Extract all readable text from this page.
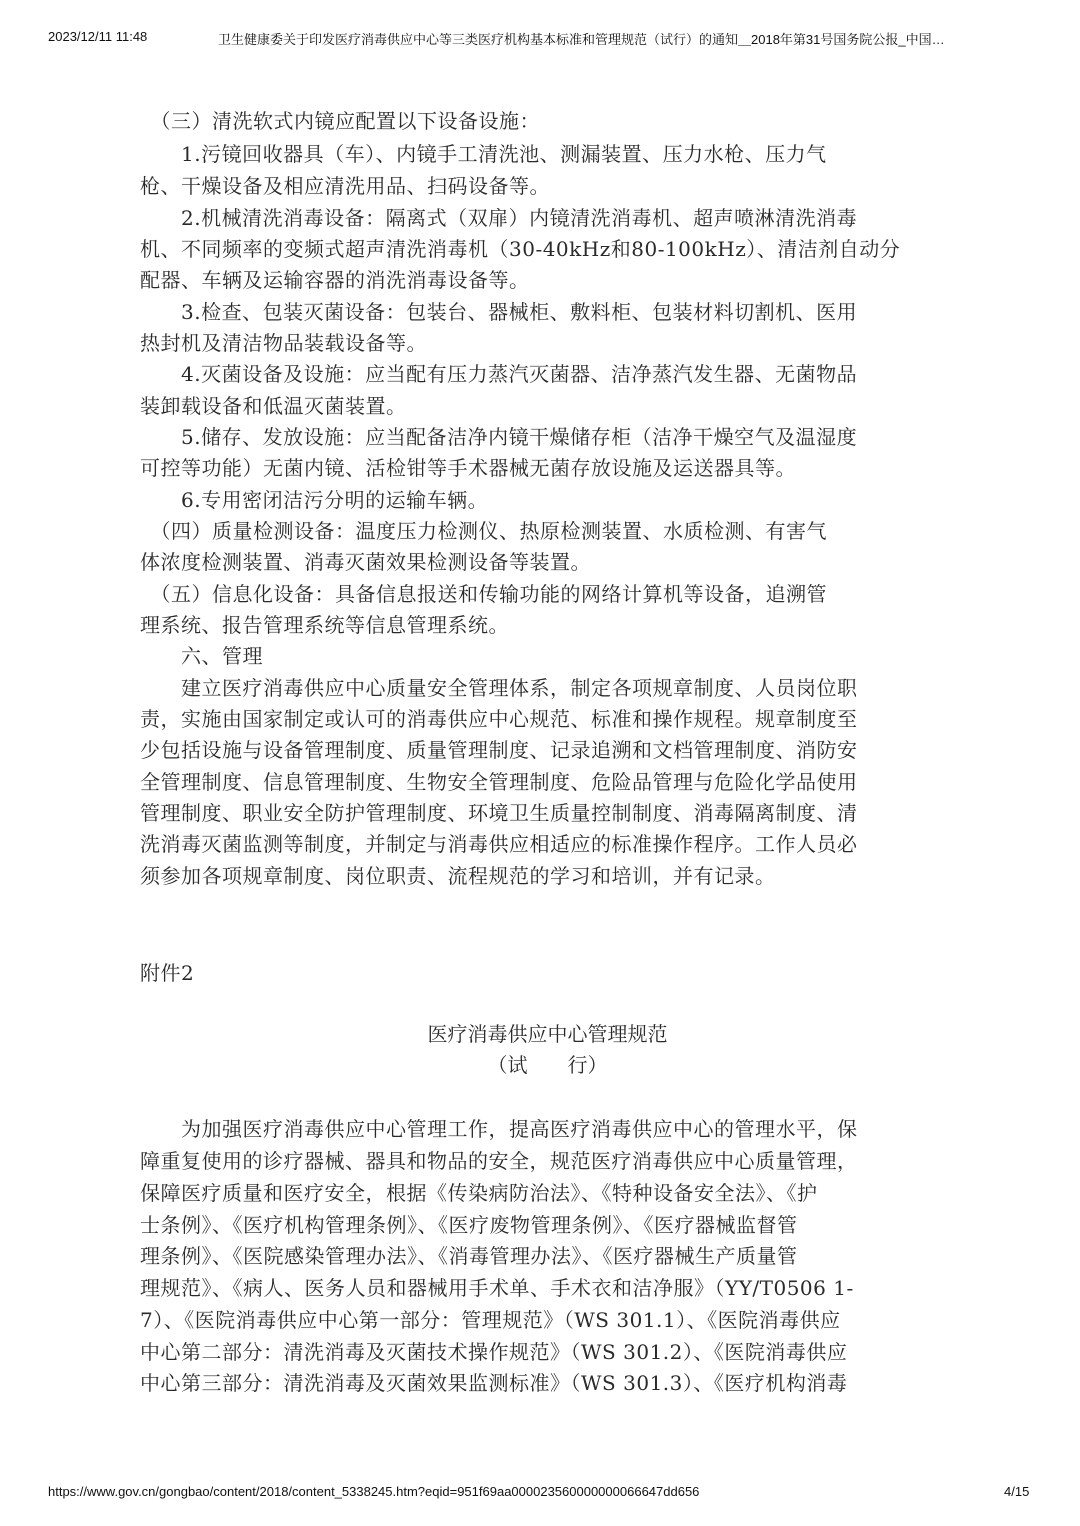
2023/12/11 11:48	卫生健康委关于印发医疗消毒供应中心等三类医疗机构基本标准和管理规范（试行）的通知＿2018年第31号国务院公报_中国…
　（三）清洗软式内镜应配置以下设备设施：
　　1.污镜回收器具（车）、内镜手工清洗池、测漏装置、压力水枪、压力气
枪、干燥设备及相应清洗用品、扫码设备等。
　　2.机械清洗消毒设备：隔离式（双扉）内镜清洗消毒机、超声喷淋清洗消毒
机、不同频率的变频式超声清洗消毒机（30-40kHz和80-100kHz）、清洁剂自动分
配器、车辆及运输容器的消洗消毒设备等。
　　3.检查、包装灭菌设备：包装台、器械柜、敷料柜、包装材料切割机、医用
热封机及清洁物品装载设备等。
　　4.灭菌设备及设施：应当配有压力蒸汽灭菌器、洁净蒸汽发生器、无菌物品
装卸载设备和低温灭菌装置。
　　5.储存、发放设施：应当配备洁净内镜干燥储存柜（洁净干燥空气及温湿度
可控等功能）无菌内镜、活检钳等手术器械无菌存放设施及运送器具等。
　　6.专用密闭洁污分明的运输车辆。
　（四）质量检测设备：温度压力检测仪、热原检测装置、水质检测、有害气
体浓度检测装置、消毒灭菌效果检测设备等装置。
　（五）信息化设备：具备信息报送和传输功能的网络计算机等设备，追溯管
理系统、报告管理系统等信息管理系统。
　　六、管理
　　建立医疗消毒供应中心质量安全管理体系，制定各项规章制度、人员岗位职
责，实施由国家制定或认可的消毒供应中心规范、标准和操作规程。规章制度至
少包括设施与设备管理制度、质量管理制度、记录追溯和文档管理制度、消防安
全管理制度、信息管理制度、生物安全管理制度、危险品管理与危险化学品使用
管理制度、职业安全防护管理制度、环境卫生质量控制制度、消毒隔离制度、清
洗消毒灭菌监测等制度，并制定与消毒供应相适应的标准操作程序。工作人员必
须参加各项规章制度、岗位职责、流程规范的学习和培训，并有记录。
附件2
医疗消毒供应中心管理规范
（试　　行）
　　为加强医疗消毒供应中心管理工作，提高医疗消毒供应中心的管理水平，保
障重复使用的诊疗器械、器具和物品的安全，规范医疗消毒供应中心质量管理，
保障医疗质量和医疗安全，根据《传染病防治法》、《特种设备安全法》、《护
士条例》、《医疗机构管理条例》、《医疗废物管理条例》、《医疗器械监督管
理条例》、《医院感染管理办法》、《消毒管理办法》、《医疗器械生产质量管
理规范》、《病人、医务人员和器械用手术单、手术衣和洁净服》（YY/T0506 1-
7）、《医院消毒供应中心第一部分：管理规范》（WS 301.1）、《医院消毒供应
中心第二部分：清洗消毒及灭菌技术操作规范》（WS 301.2）、《医院消毒供应
中心第三部分：清洗消毒及灭菌效果监测标准》（WS 301.3）、《医疗机构消毒
https://www.gov.cn/gongbao/content/2018/content_5338245.htm?eqid=951f69aa000023560000000066647dd656	4/15
